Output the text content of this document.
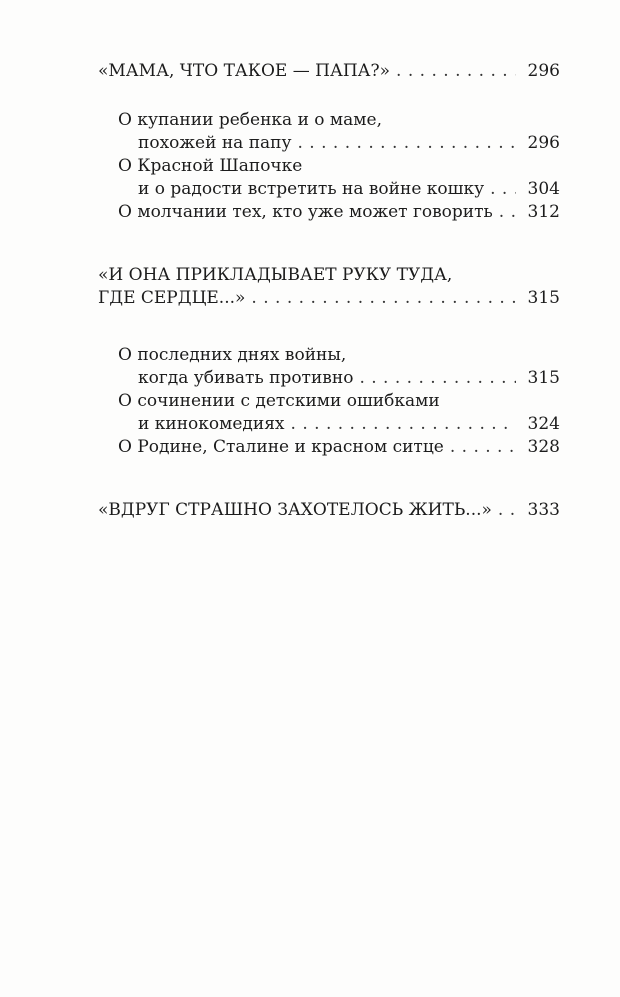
«МАМА, ЧТО ТАКОЕ — ПАПА?» . . .	296
О купании ребенка и о маме,
похожей на папу . . .	296
О Красной Шапочке
и о радости встретить на войне кошку . . .	304
О молчании тех, кто уже может говорить . . .	312
«И ОНА ПРИКЛАДЫВАЕТ РУКУ ТУДА,
ГДЕ СЕРДЦЕ...» . . .	315
О последних днях войны,
когда убивать противно . . .	315
О сочинении с детскими ошибками
и кинокомедиях . . .	324
О Родине, Сталине и красном ситце . . .	328
«ВДРУГ СТРАШНО ЗАХОТЕЛОСЬ ЖИТЬ...» . . .	333
